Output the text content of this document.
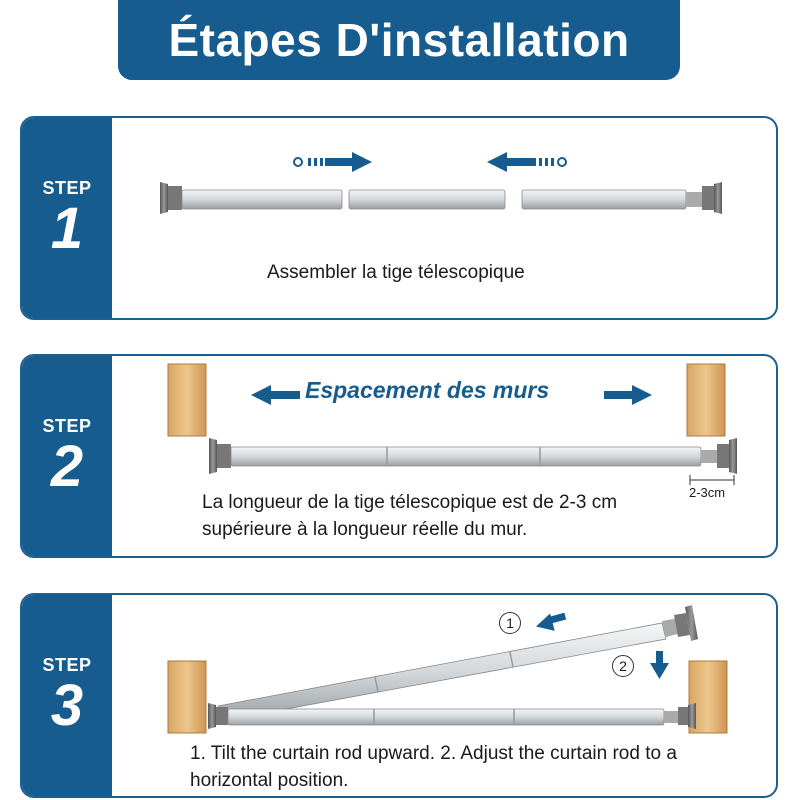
Étapes D'installation
STEP
1
Assembler la tige télescopique
STEP
2
Espacement des murs
2-3cm
La longueur de la tige télescopique est de 2-3 cm supérieure à la longueur réelle du mur.
STEP
3
1
2
1. Tilt the curtain rod upward. 2. Adjust the curtain rod to a horizontal position.
